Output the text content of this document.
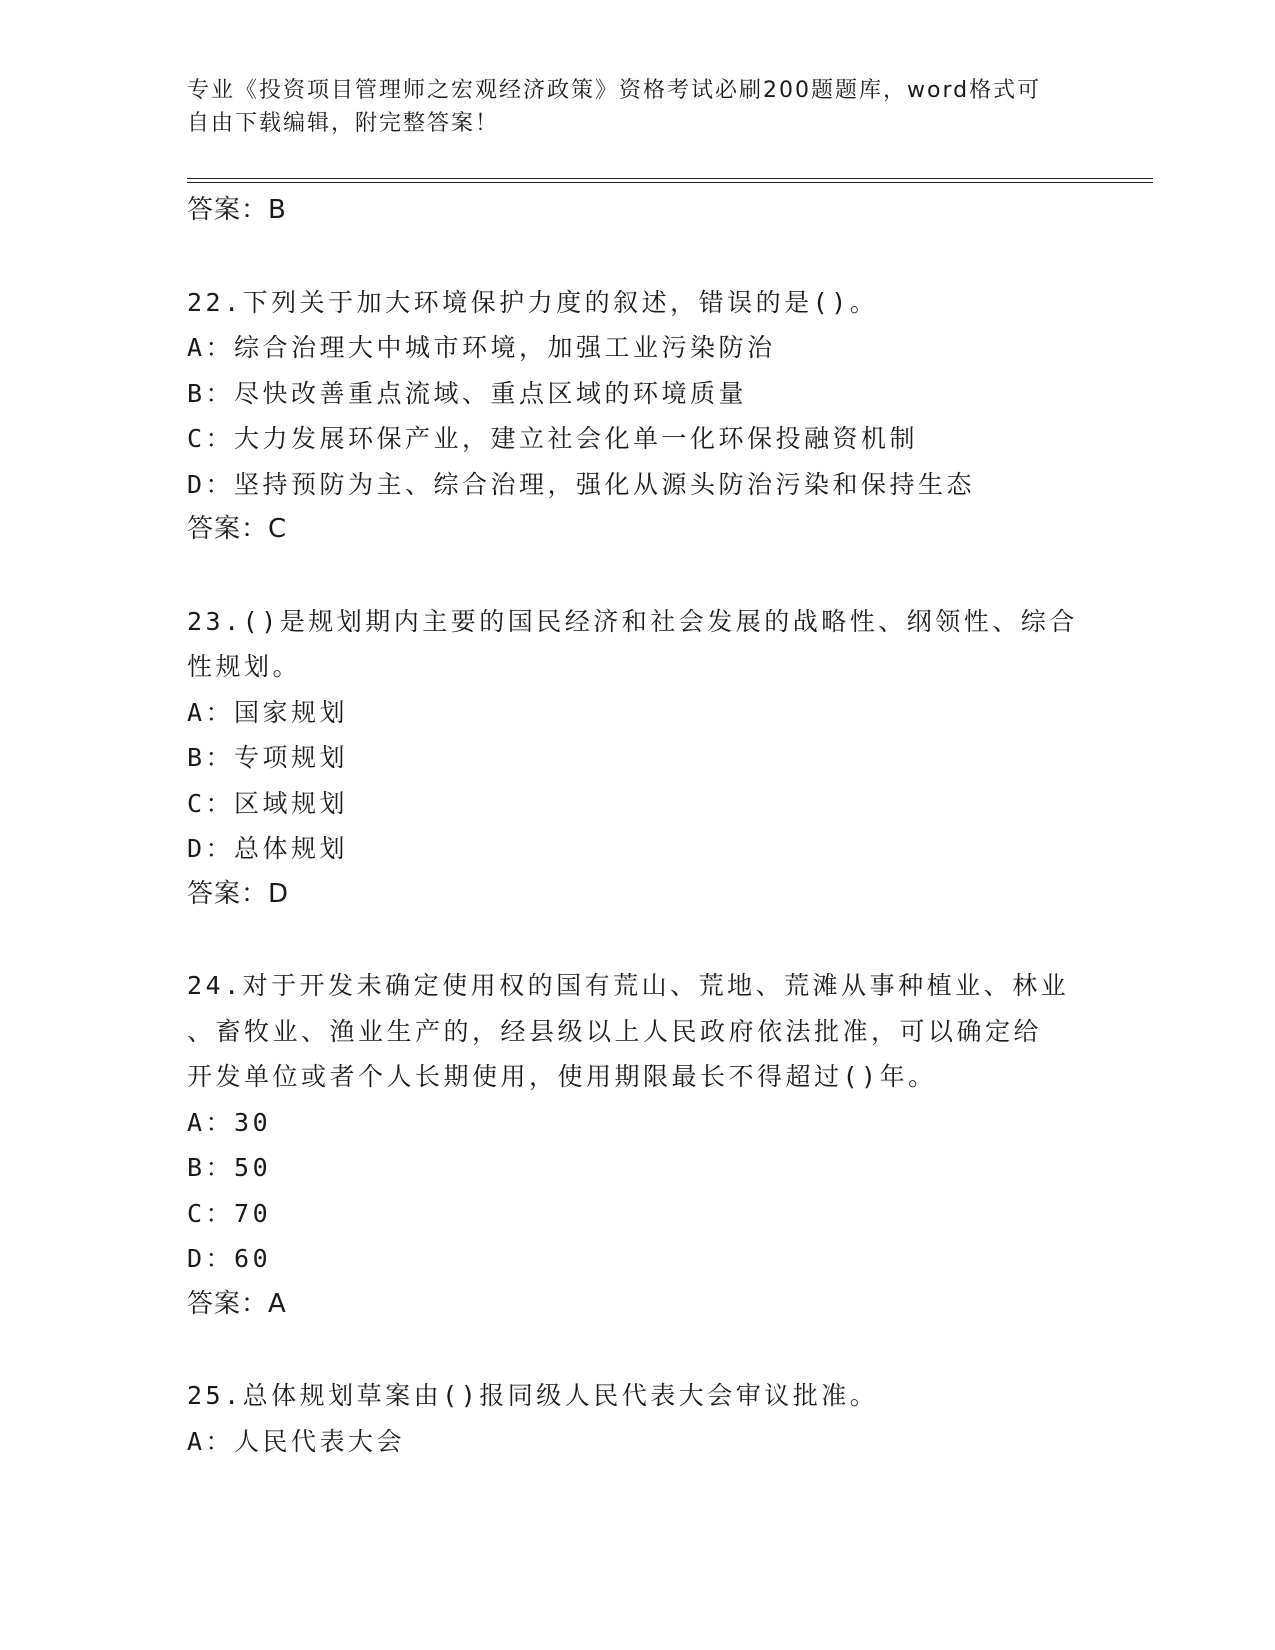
专业《投资项目管理师之宏观经济政策》资格考试必刷200题题库，word格式可
自由下载编辑，附完整答案！
答案：B
22.下列关于加大环境保护力度的叙述，错误的是()。
A：综合治理大中城市环境，加强工业污染防治
B：尽快改善重点流域、重点区域的环境质量
C：大力发展环保产业，建立社会化单一化环保投融资机制
D：坚持预防为主、综合治理，强化从源头防治污染和保持生态
答案：C
23.()是规划期内主要的国民经济和社会发展的战略性、纲领性、综合
性规划。
A：国家规划
B：专项规划
C：区域规划
D：总体规划
答案：D
24.对于开发未确定使用权的国有荒山、荒地、荒滩从事种植业、林业
、畜牧业、渔业生产的，经县级以上人民政府依法批准，可以确定给
开发单位或者个人长期使用，使用期限最长不得超过()年。
A：30
B：50
C：70
D：60
答案：A
25.总体规划草案由()报同级人民代表大会审议批准。
A：人民代表大会
